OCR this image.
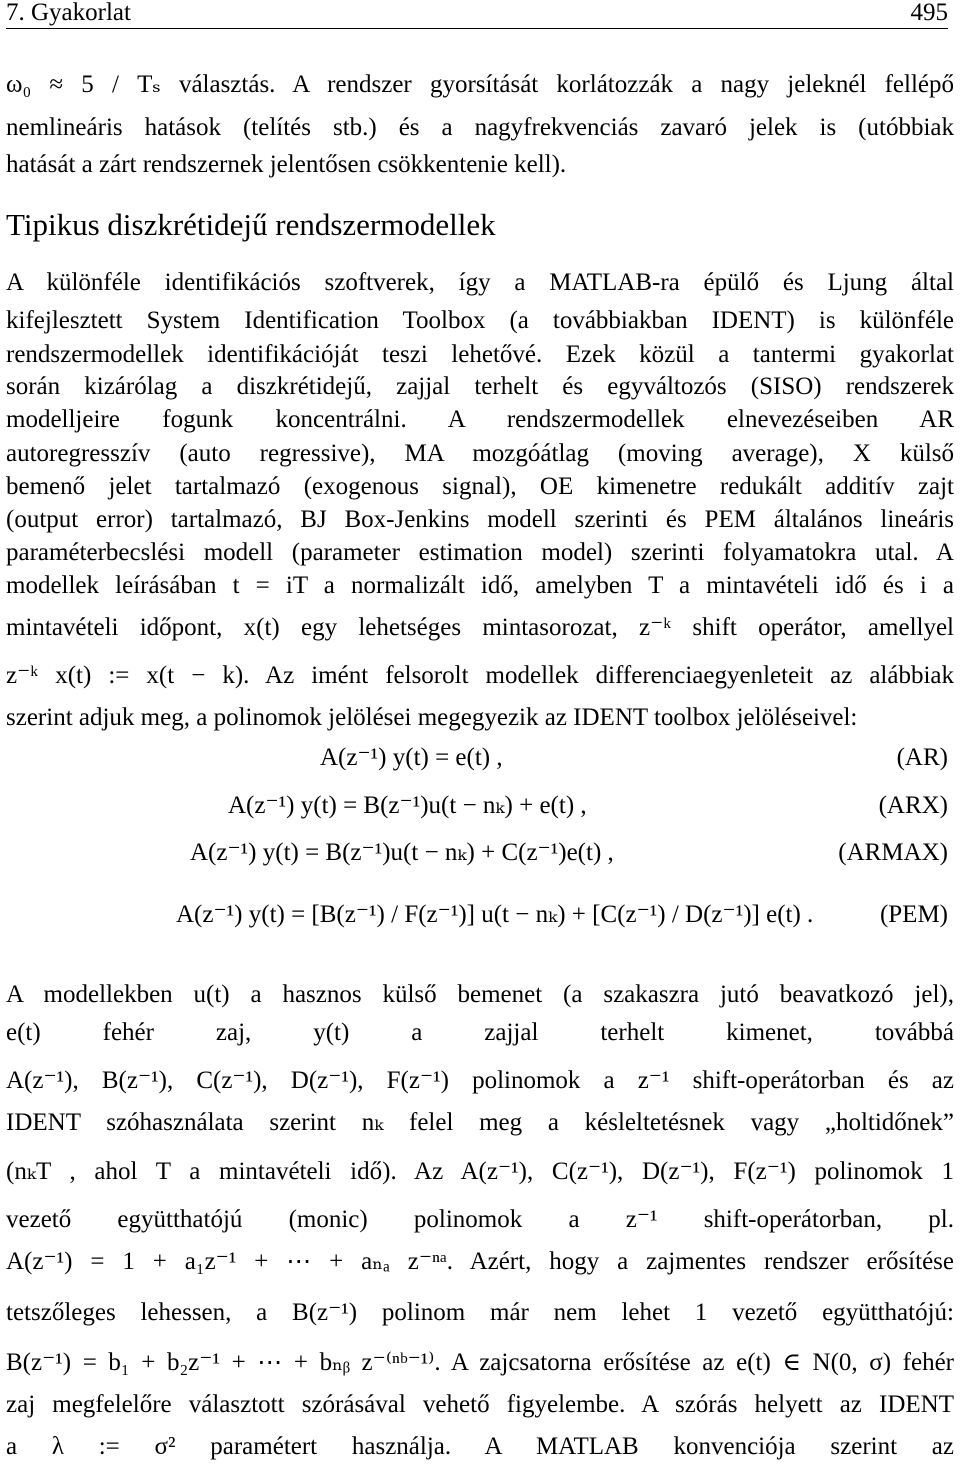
7. Gyakorlat	495
ω₀ ≈ 5 / Tₛ választás. A rendszer gyorsítását korlátozzák a nagy jeleknél fellépő
nemlineáris hatások (telítés stb.) és a nagyfrekvenciás zavaró jelek is (utóbbiak
hatását a zárt rendszernek jelentősen csökkentenie kell).
Tipikus diszkrétidejű rendszermodellek
A különféle identifikációs szoftverek, így a MATLAB-ra épülő és Ljung által
kifejlesztett System Identification Toolbox (a továbbiakban IDENT) is különféle
rendszermodellek identifikációját teszi lehetővé. Ezek közül a tantermi gyakorlat
során kizárólag a diszkrétidejű, zajjal terhelt és egyváltozós (SISO) rendszerek
modelljeire fogunk koncentrálni. A rendszermodellek elnevezéseiben AR
autoregresszív (auto regressive), MA mozgóátlag (moving average), X külső
bemenő jelet tartalmazó (exogenous signal), OE kimenetre redukált additív zajt
(output error) tartalmazó, BJ Box-Jenkins modell szerinti és PEM általános lineáris
paraméterbecslési modell (parameter estimation model) szerinti folyamatokra utal. A
modellek leírásában t = iT a normalizált idő, amelyben T a mintavételi idő és i a
mintavételi időpont, x(t) egy lehetséges mintasorozat, z⁻ᵏ shift operátor, amellyel
z⁻ᵏ x(t) := x(t − k). Az imént felsorolt modellek differenciaegyenleteit az alábbiak
szerint adjuk meg, a polinomok jelölései megegyezik az IDENT toolbox jelöléseivel:
A(z⁻¹) y(t) = e(t) ,	(AR)
A(z⁻¹) y(t) = B(z⁻¹)u(t − nₖ) + e(t) ,	(ARX)
A(z⁻¹) y(t) = B(z⁻¹)u(t − nₖ) + C(z⁻¹)e(t) ,	(ARMAX)
A(z⁻¹) y(t) = [B(z⁻¹) / F(z⁻¹)] u(t − nₖ) + [C(z⁻¹) / D(z⁻¹)] e(t) .	(PEM)
A modellekben u(t) a hasznos külső bemenet (a szakaszra jutó beavatkozó jel),
e(t) fehér zaj, y(t) a zajjal terhelt kimenet, továbbá
A(z⁻¹), B(z⁻¹), C(z⁻¹), D(z⁻¹), F(z⁻¹) polinomok a z⁻¹ shift-operátorban és az
IDENT szóhasználata szerint nₖ felel meg a késleltetésnek vagy „holtidőnek”
(nₖT , ahol T a mintavételi idő). Az A(z⁻¹), C(z⁻¹), D(z⁻¹), F(z⁻¹) polinomok 1
vezető együtthatójú (monic) polinomok a z⁻¹ shift-operátorban, pl.
A(z⁻¹) = 1 + a₁z⁻¹ + ⋯ + aₙₐ z⁻ⁿᵃ. Azért, hogy a zajmentes rendszer erősítése
tetszőleges lehessen, a B(z⁻¹) polinom már nem lehet 1 vezető együtthatójú:
B(z⁻¹) = b₁ + b₂z⁻¹ + ⋯ + bₙᵦ z⁻⁽ⁿᵇ⁻¹⁾. A zajcsatorna erősítése az e(t) ∈ N(0, σ) fehér
zaj megfelelőre választott szórásával vehető figyelembe. A szórás helyett az IDENT
a λ := σ² paramétert használja. A MATLAB konvenciója szerint az
